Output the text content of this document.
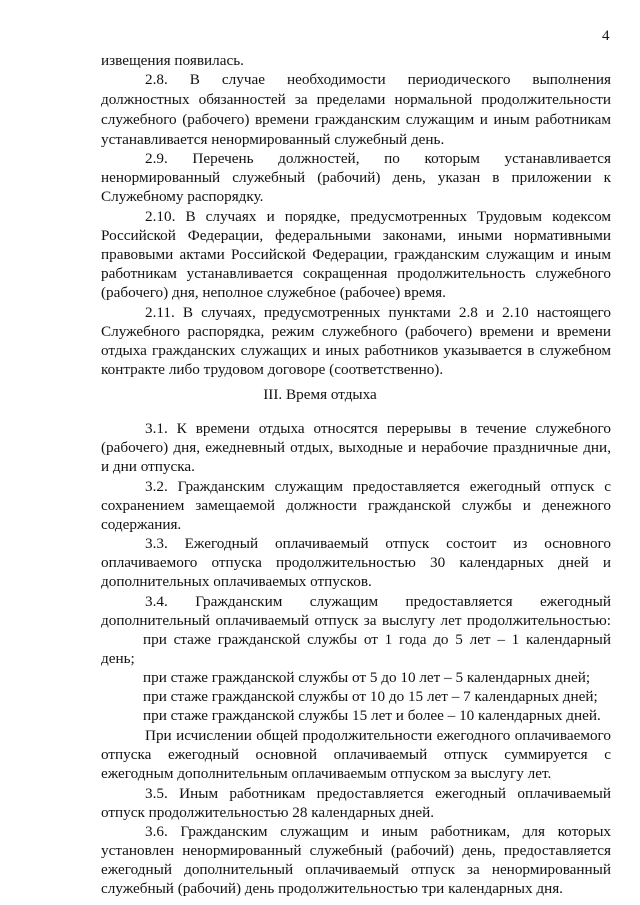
4
извещения появилась.
2.8. В случае необходимости периодического выполнения
должностных обязанностей за пределами нормальной продолжительности
служебного (рабочего) времени гражданским служащим и иным работникам
устанавливается ненормированный служебный день.
2.9. Перечень должностей, по которым устанавливается
ненормированный служебный (рабочий) день, указан в приложении к
Служебному распорядку.
2.10. В случаях и порядке, предусмотренных Трудовым кодексом
Российской Федерации, федеральными законами, иными нормативными
правовыми актами Российской Федерации, гражданским служащим и иным
работникам устанавливается сокращенная продолжительность служебного
(рабочего) дня, неполное служебное (рабочее) время.
2.11. В случаях, предусмотренных пунктами 2.8 и 2.10 настоящего
Служебного распорядка, режим служебного (рабочего) времени и времени
отдыха гражданских служащих и иных работников указывается в служебном
контракте либо трудовом договоре (соответственно).
III. Время отдыха
3.1. К времени отдыха относятся перерывы в течение служебного
(рабочего) дня, ежедневный отдых, выходные и нерабочие праздничные дни,
и дни отпуска.
3.2. Гражданским служащим предоставляется ежегодный отпуск с
сохранением замещаемой должности гражданской службы и денежного
содержания.
3.3. Ежегодный оплачиваемый отпуск состоит из основного
оплачиваемого отпуска продолжительностью 30 календарных дней и
дополнительных оплачиваемых отпусков.
3.4. Гражданским служащим предоставляется ежегодный
дополнительный оплачиваемый отпуск за выслугу лет продолжительностью:
при стаже гражданской службы от 1 года до 5 лет – 1 календарный
день;
при стаже гражданской службы от 5 до 10 лет – 5 календарных дней;
при стаже гражданской службы от 10 до 15 лет – 7 календарных дней;
при стаже гражданской службы 15 лет и более – 10 календарных дней.
При исчислении общей продолжительности ежегодного оплачиваемого
отпуска ежегодный основной оплачиваемый отпуск суммируется с
ежегодным дополнительным оплачиваемым отпуском за выслугу лет.
3.5. Иным работникам предоставляется ежегодный оплачиваемый
отпуск продолжительностью 28 календарных дней.
3.6. Гражданским служащим и иным работникам, для которых
установлен ненормированный служебный (рабочий) день, предоставляется
ежегодный дополнительный оплачиваемый отпуск за ненормированный
служебный (рабочий) день продолжительностью три календарных дня.
